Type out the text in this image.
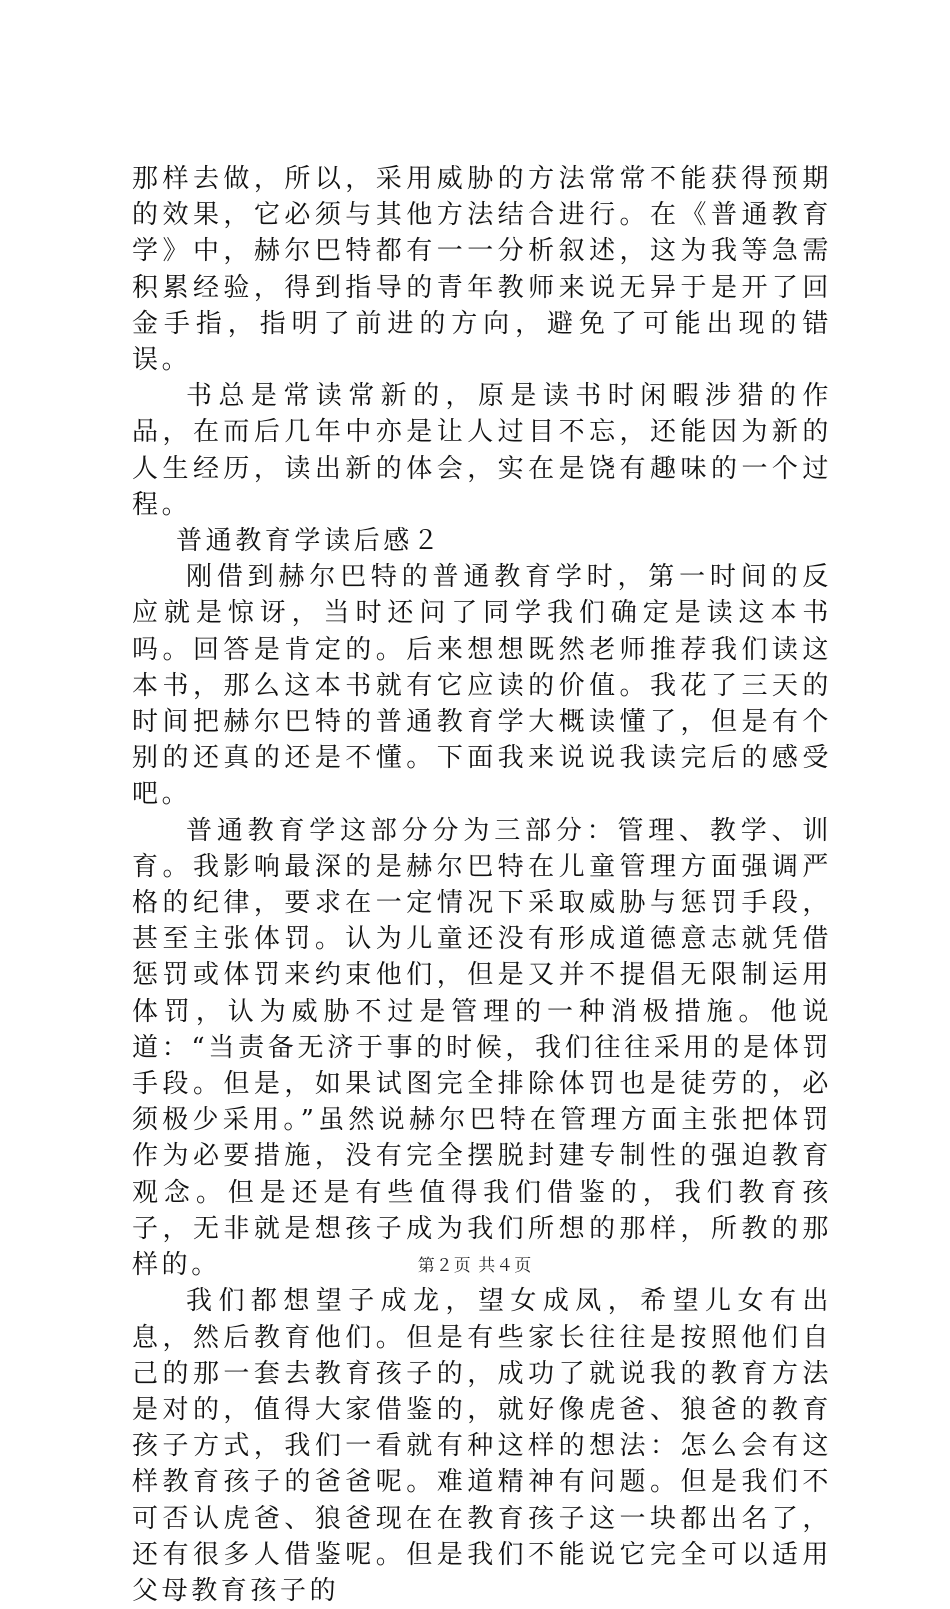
那样去做，所以，采用威胁的方法常常不能获得预期的效果，它必须与其他方法结合进行。在《普通教育学》中，赫尔巴特都有一一分析叙述，这为我等急需积累经验，得到指导的青年教师来说无异于是开了回金手指，指明了前进的方向，避免了可能出现的错误。

书总是常读常新的，原是读书时闲暇涉猎的作品，在而后几年中亦是让人过目不忘，还能因为新的人生经历，读出新的体会，实在是饶有趣味的一个过程。

普通教育学读后感２

刚借到赫尔巴特的普通教育学时，第一时间的反应就是惊讶，当时还问了同学我们确定是读这本书吗。回答是肯定的。后来想想既然老师推荐我们读这本书，那么这本书就有它应读的价值。我花了三天的时间把赫尔巴特的普通教育学大概读懂了，但是有个别的还真的还是不懂。下面我来说说我读完后的感受吧。

普通教育学这部分分为三部分：管理、教学、训育。我影响最深的是赫尔巴特在儿童管理方面强调严格的纪律，要求在一定情况下采取威胁与惩罚手段，甚至主张体罚。认为儿童还没有形成道德意志就凭借惩罚或体罚来约束他们，但是又并不提倡无限制运用体罚，认为威胁不过是管理的一种消极措施。他说道：“当责备无济于事的时候，我们往往采用的是体罚手段。但是，如果试图完全排除体罚也是徒劳的，必须极少采用。”虽然说赫尔巴特在管理方面主张把体罚作为必要措施，没有完全摆脱封建专制性的强迫教育观念。但是还是有些值得我们借鉴的，我们教育孩子，无非就是想孩子成为我们所想的那样，所教的那样的。

我们都想望子成龙，望女成凤，希望儿女有出息，然后教育他们。但是有些家长往往是按照他们自己的那一套去教育孩子的，成功了就说我的教育方法是对的，值得大家借鉴的，就好像虎爸、狼爸的教育孩子方式，我们一看就有种这样的想法：怎么会有这样教育孩子的爸爸呢。难道精神有问题。但是我们不可否认虎爸、狼爸现在在教育孩子这一块都出名了，还有很多人借鉴呢。但是我们不能说它完全可以适用父母教育孩子的

第２页 共４页
